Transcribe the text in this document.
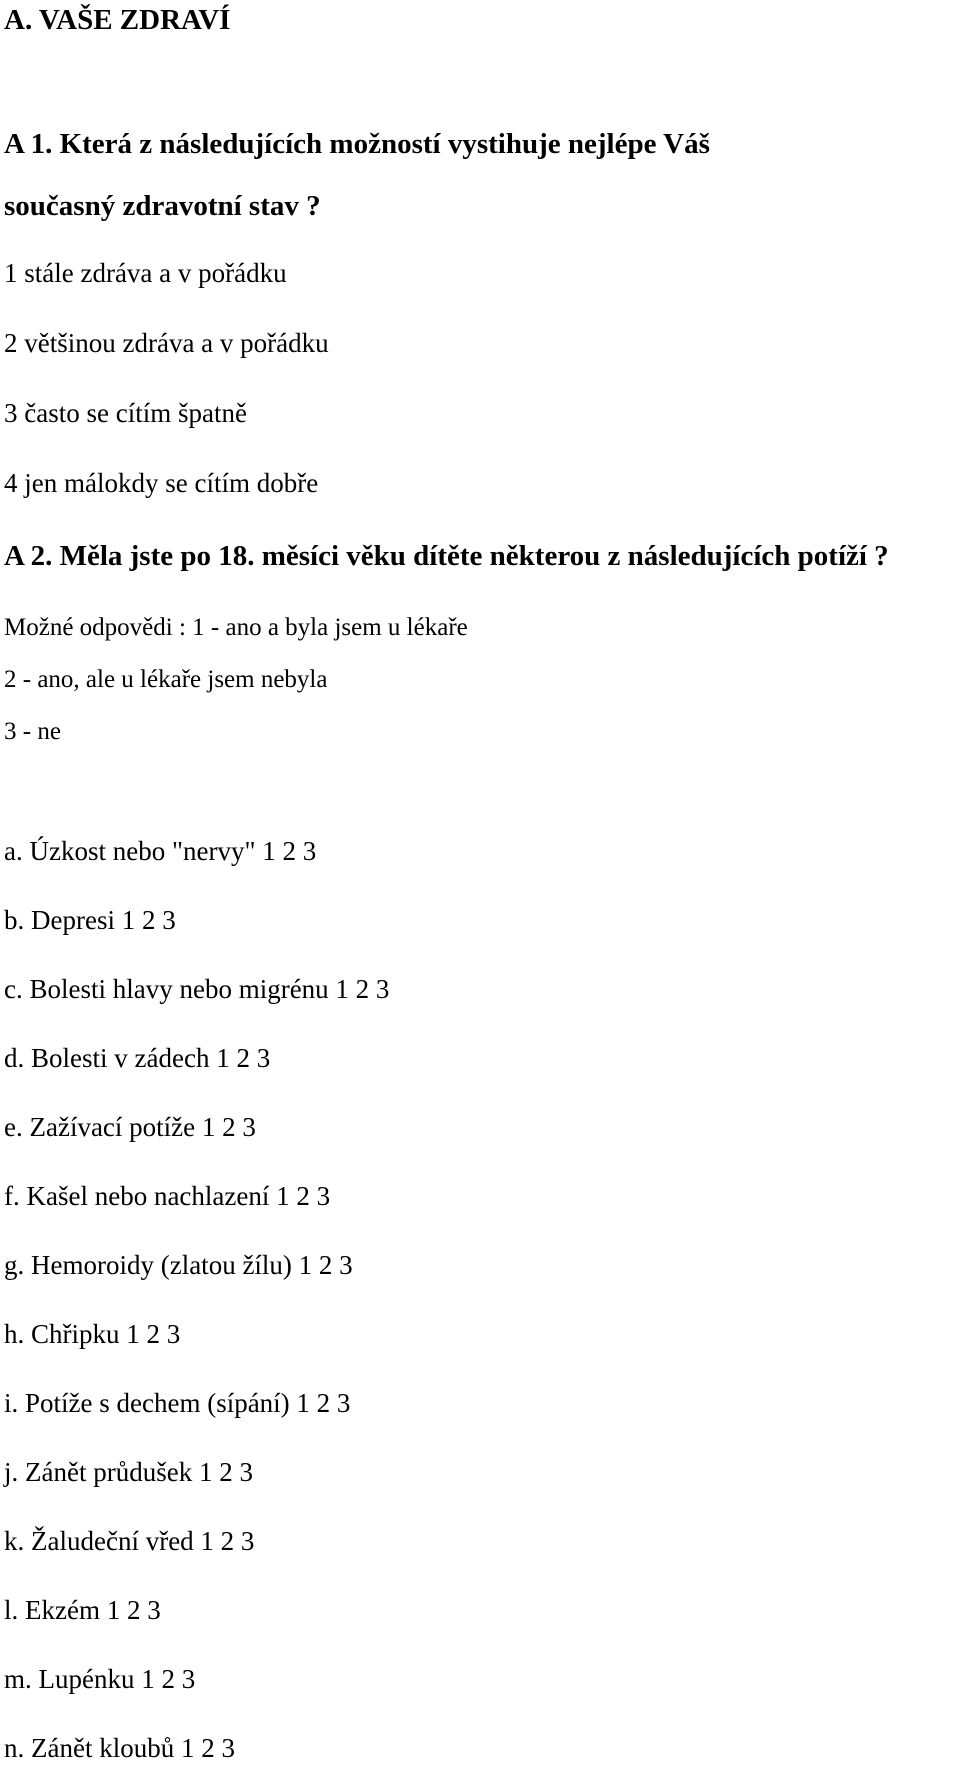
A. VAŠE ZDRAVÍ
A 1. Která z následujících možností vystihuje nejlépe Váš
současný zdravotní stav ?
1 stále zdráva a v pořádku
2 většinou zdráva a v pořádku
3 často se cítím špatně
4 jen málokdy se cítím dobře
A 2. Měla jste po 18. měsíci věku dítěte některou z následujících potíží ?
Možné odpovědi : 1 - ano a byla jsem u lékaře
2 - ano, ale u lékaře jsem nebyla
3 - ne
a. Úzkost nebo "nervy" 1 2 3
b. Depresi 1 2 3
c. Bolesti hlavy nebo migrénu 1 2 3
d. Bolesti v zádech 1 2 3
e. Zažívací potíže 1 2 3
f. Kašel nebo nachlazení 1 2 3
g. Hemoroidy (zlatou žílu) 1 2 3
h. Chřipku 1 2 3
i. Potíže s dechem (sípání) 1 2 3
j. Zánět průdušek 1 2 3
k. Žaludeční vřed 1 2 3
l. Ekzém 1 2 3
m. Lupénku 1 2 3
n. Zánět kloubů 1 2 3
